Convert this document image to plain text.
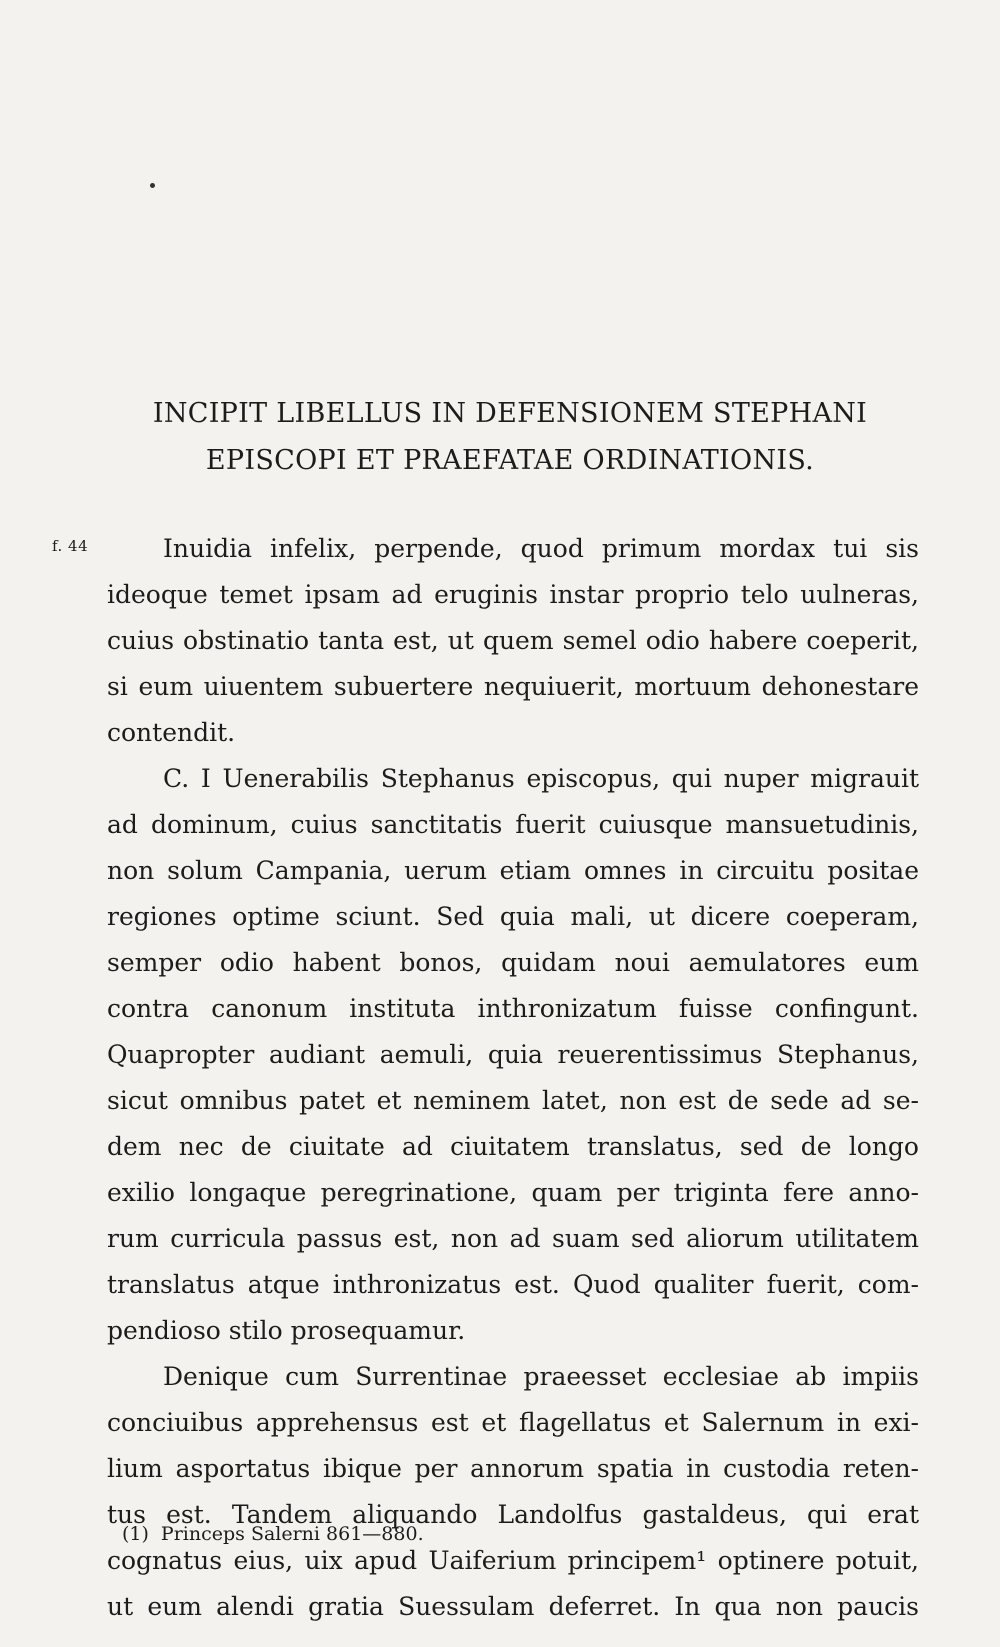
INCIPIT LIBELLUS IN DEFENSIONEM STEPHANI
EPISCOPI ET PRAEFATAE ORDINATIONIS.
f. 44	Inuidia infelix, perpende, quod primum mordax tui sis
ideoque temet ipsam ad eruginis instar proprio telo uulneras,
cuius obstinatio tanta est, ut quem semel odio habere coeperit,
si eum uiuentem subuertere nequiuerit, mortuum dehonestare
contendit.
C. I Uenerabilis Stephanus episcopus, qui nuper migrauit
ad dominum, cuius sanctitatis fuerit cuiusque mansuetudinis,
non solum Campania, uerum etiam omnes in circuitu positae
regiones optime sciunt. Sed quia mali, ut dicere coeperam,
semper odio habent bonos, quidam noui aemulatores eum
contra canonum instituta inthronizatum fuisse confingunt.
Quapropter audiant aemuli, quia reuerentissimus Stephanus,
sicut omnibus patet et neminem latet, non est de sede ad se-
dem nec de ciuitate ad ciuitatem translatus, sed de longo
exilio longaque peregrinatione, quam per triginta fere anno-
rum curricula passus est, non ad suam sed aliorum utilitatem
translatus atque inthronizatus est. Quod qualiter fuerit, com-
pendioso stilo prosequamur.
Denique cum Surrentinae praeesset ecclesiae ab impiis
conciuibus apprehensus est et flagellatus et Salernum in exi-
lium asportatus ibique per annorum spatia in custodia reten-
tus est. Tandem aliquando Landolfus gastaldeus, qui erat
cognatus eius, uix apud Uaiferium principem¹ optinere potuit,
ut eum alendi gratia Suessulam deferret. In qua non paucis
(1) Princeps Salerni 861—880.
